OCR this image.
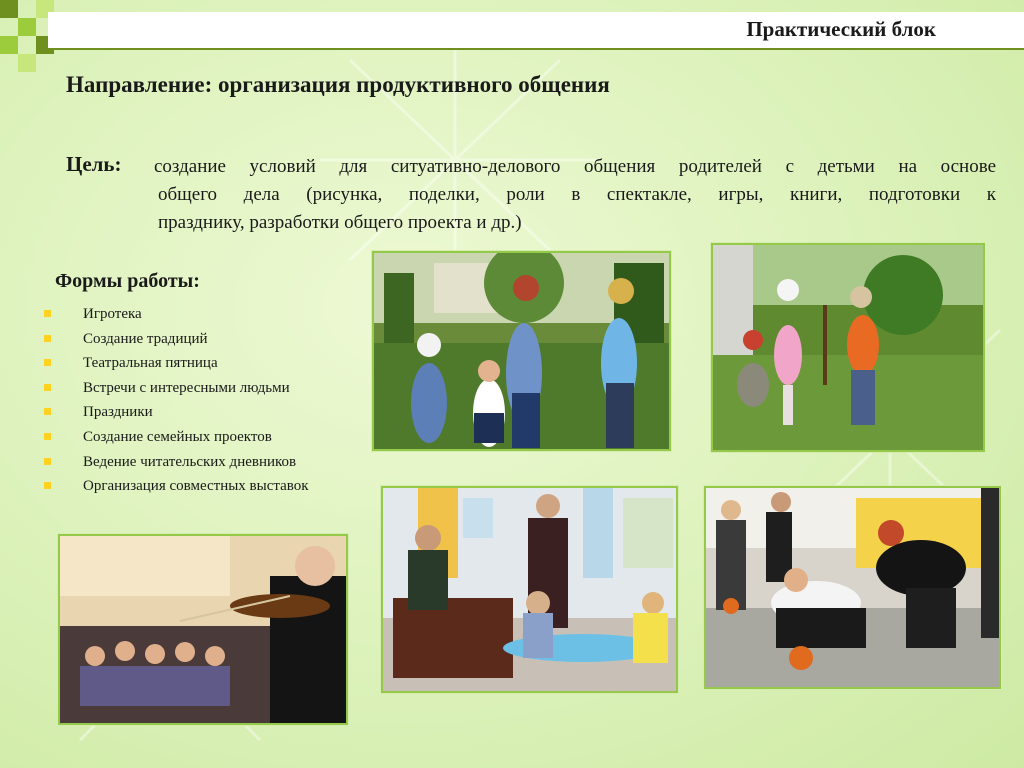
Практический блок
Направление: организация продуктивного общения
Цель: создание условий для ситуативно-делового общения родителей с детьми на основе
общего дела (рисунка, поделки, роли в спектакле, игры, книги, подготовки к
празднику, разработки общего проекта и др.)
Формы работы:
Игротека
Создание традиций
Театральная пятница
Встречи с интересными людьми
Праздники
Создание семейных проектов
Ведение читательских дневников
Организация совместных выставок
